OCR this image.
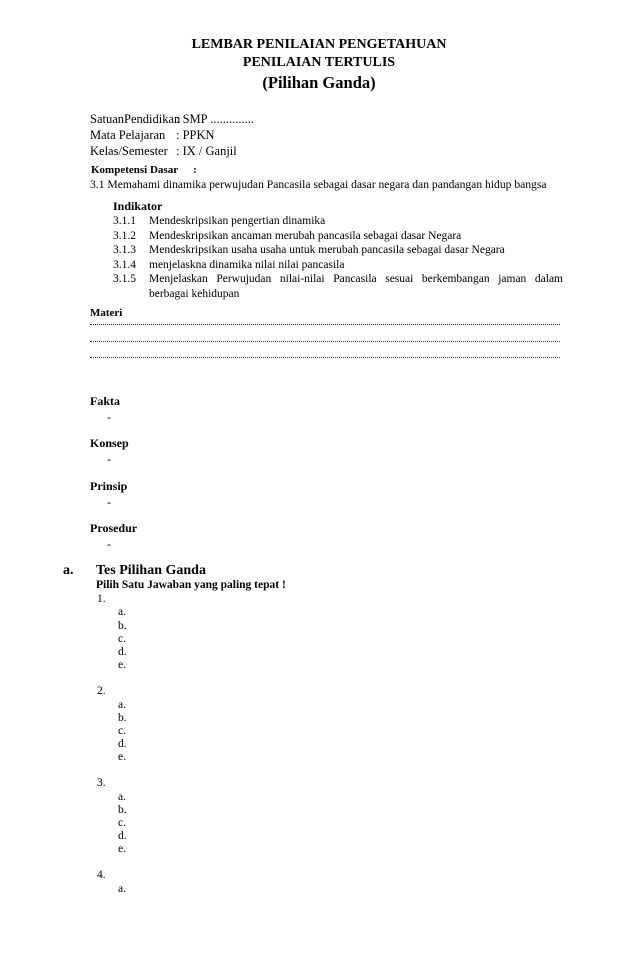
LEMBAR PENILAIAN PENGETAHUAN
PENILAIAN TERTULIS
(Pilihan Ganda)
SatuanPendidikan
: SMP ..............
Mata Pelajaran : PPKN
Kelas/Semester : IX / Ganjil
Kompetensi Dasar :
3.1 Memahami dinamika perwujudan Pancasila sebagai dasar negara dan pandangan hidup bangsa
Indikator
3.1.1	Mendeskripsikan pengertian dinamika
3.1.2	Mendeskripsikan ancaman merubah pancasila sebagai dasar Negara
3.1.3	Mendeskripsikan usaha usaha untuk merubah pancasila sebagai dasar Negara
3.1.4	menjelaskna dinamika nilai nilai pancasila
3.1.5	Menjelaskan Perwujudan nilai-nilai Pancasila sesuai berkembangan jaman dalam berbagai kehidupan
Materi
Fakta
-
Konsep
-
Prinsip
-
Prosedur
-
a. Tes Pilihan Ganda
Pilih Satu Jawaban yang paling tepat !
1.
a.
b.
c.
d.
e.
2.
a.
b.
c.
d.
e.
3.
a.
b.
c.
d.
e.
4.
a.
